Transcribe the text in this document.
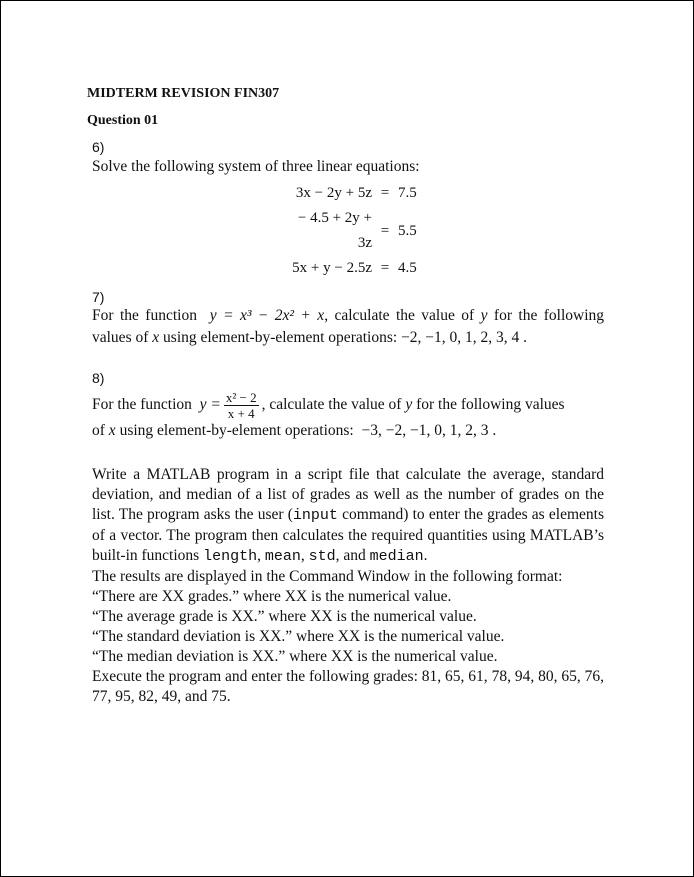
MIDTERM REVISION FIN307
Question 01
6)
Solve the following system of three linear equations:
3x − 2y + 5z	=	7.5
− 4.5 + 2y + 3z	=	5.5
5x + y − 2.5z	=	4.5
7)
For the function y = x³ − 2x² + x, calculate the value of y for the following
values of x using element-by-element operations: −2, −1, 0, 1, 2, 3, 4 .
8)
For the function $y = \frac{\text{x² − 2}}{x + 4}$ , calculate the value of y for the following values
of x using element-by-element operations: −3, −2, −1, 0, 1, 2, 3 .
Write a MATLAB program in a script file that calculate the average, standard deviation, and median of a list of grades as well as the number of grades on the list. The program asks the user (input command) to enter the grades as elements of a vector. The program then calculates the required quantities using MATLAB’s built-in functions length, mean, std, and median.
The results are displayed in the Command Window in the following format:
“There are XX grades.” where XX is the numerical value.
“The average grade is XX.” where XX is the numerical value.
“The standard deviation is XX.” where XX is the numerical value.
“The median deviation is XX.” where XX is the numerical value.
Execute the program and enter the following grades: 81, 65, 61, 78, 94, 80, 65, 76, 77, 95, 82, 49, and 75.
